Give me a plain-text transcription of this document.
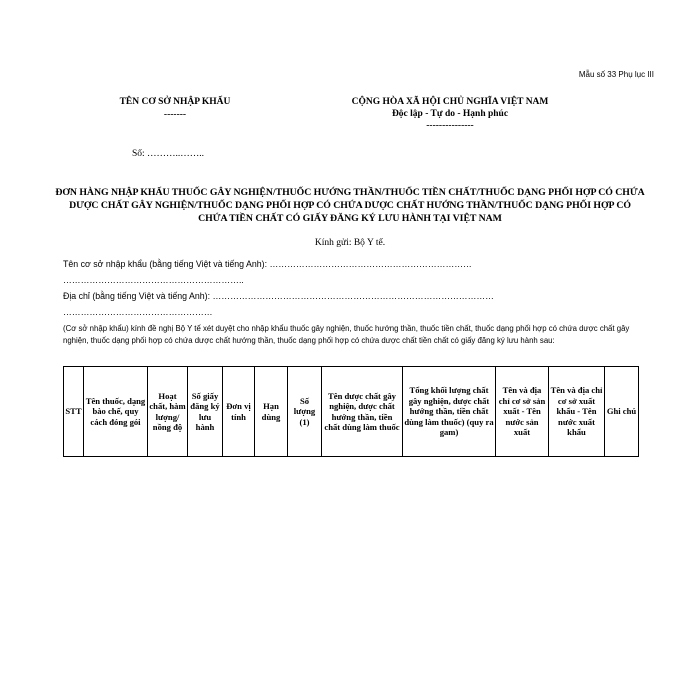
Mẫu số 33 Phụ lục III
TÊN CƠ SỞ NHẬP KHẨU
-------
CỘNG HÒA XÃ HỘI CHỦ NGHĨA VIỆT NAM
Độc lập - Tự do - Hạnh phúc
---------------
Số: ………..……..
ĐƠN HÀNG NHẬP KHẨU THUỐC GÂY NGHIỆN/THUỐC HƯỚNG THẦN/THUỐC TIỀN CHẤT/THUỐC DẠNG PHỐI HỢP CÓ CHỨA DƯỢC CHẤT GÂY NGHIỆN/THUỐC DẠNG PHỐI HỢP CÓ CHỨA DƯỢC CHẤT HƯỚNG THẦN/THUỐC DẠNG PHỐI HỢP CÓ CHỨA TIỀN CHẤT CÓ GIẤY ĐĂNG KÝ LƯU HÀNH TẠI VIỆT NAM
Kính gửi: Bộ Y tế.
Tên cơ sở nhập khẩu (bằng tiếng Việt và tiếng Anh): ……………………………………………………………
……………………………………………………..
Địa chỉ (bằng tiếng Việt và tiếng Anh): ……………………………………………………………………………………
……………………………………………
(Cơ sở nhập khẩu) kính đề nghị Bộ Y tế xét duyệt cho nhập khẩu thuốc gây nghiện, thuốc hướng thần, thuốc tiền chất, thuốc dạng phối hợp có chứa dược chất gây nghiện, thuốc dạng phối hợp có chứa dược chất hướng thần, thuốc dạng phối hợp có chứa dược chất tiền chất có giấy đăng ký lưu hành sau:
STT	Tên thuốc, dạng bào chế, quy cách đóng gói	Hoạt chất, hàm lượng/ nồng độ	Số giấy đăng ký lưu hành	Đơn vị tính	Hạn dùng	Số lượng (1)	Tên dược chất gây nghiện, dược chất hướng thần, tiền chất dùng làm thuốc	Tổng khối lượng chất gây nghiện, dược chất hướng thần, tiền chất dùng làm thuốc) (quy ra gam)	Tên và địa chỉ cơ sở sản xuất - Tên nước sản xuất	Tên và địa chỉ cơ sở xuất khẩu - Tên nước xuất khẩu	Ghi chú
